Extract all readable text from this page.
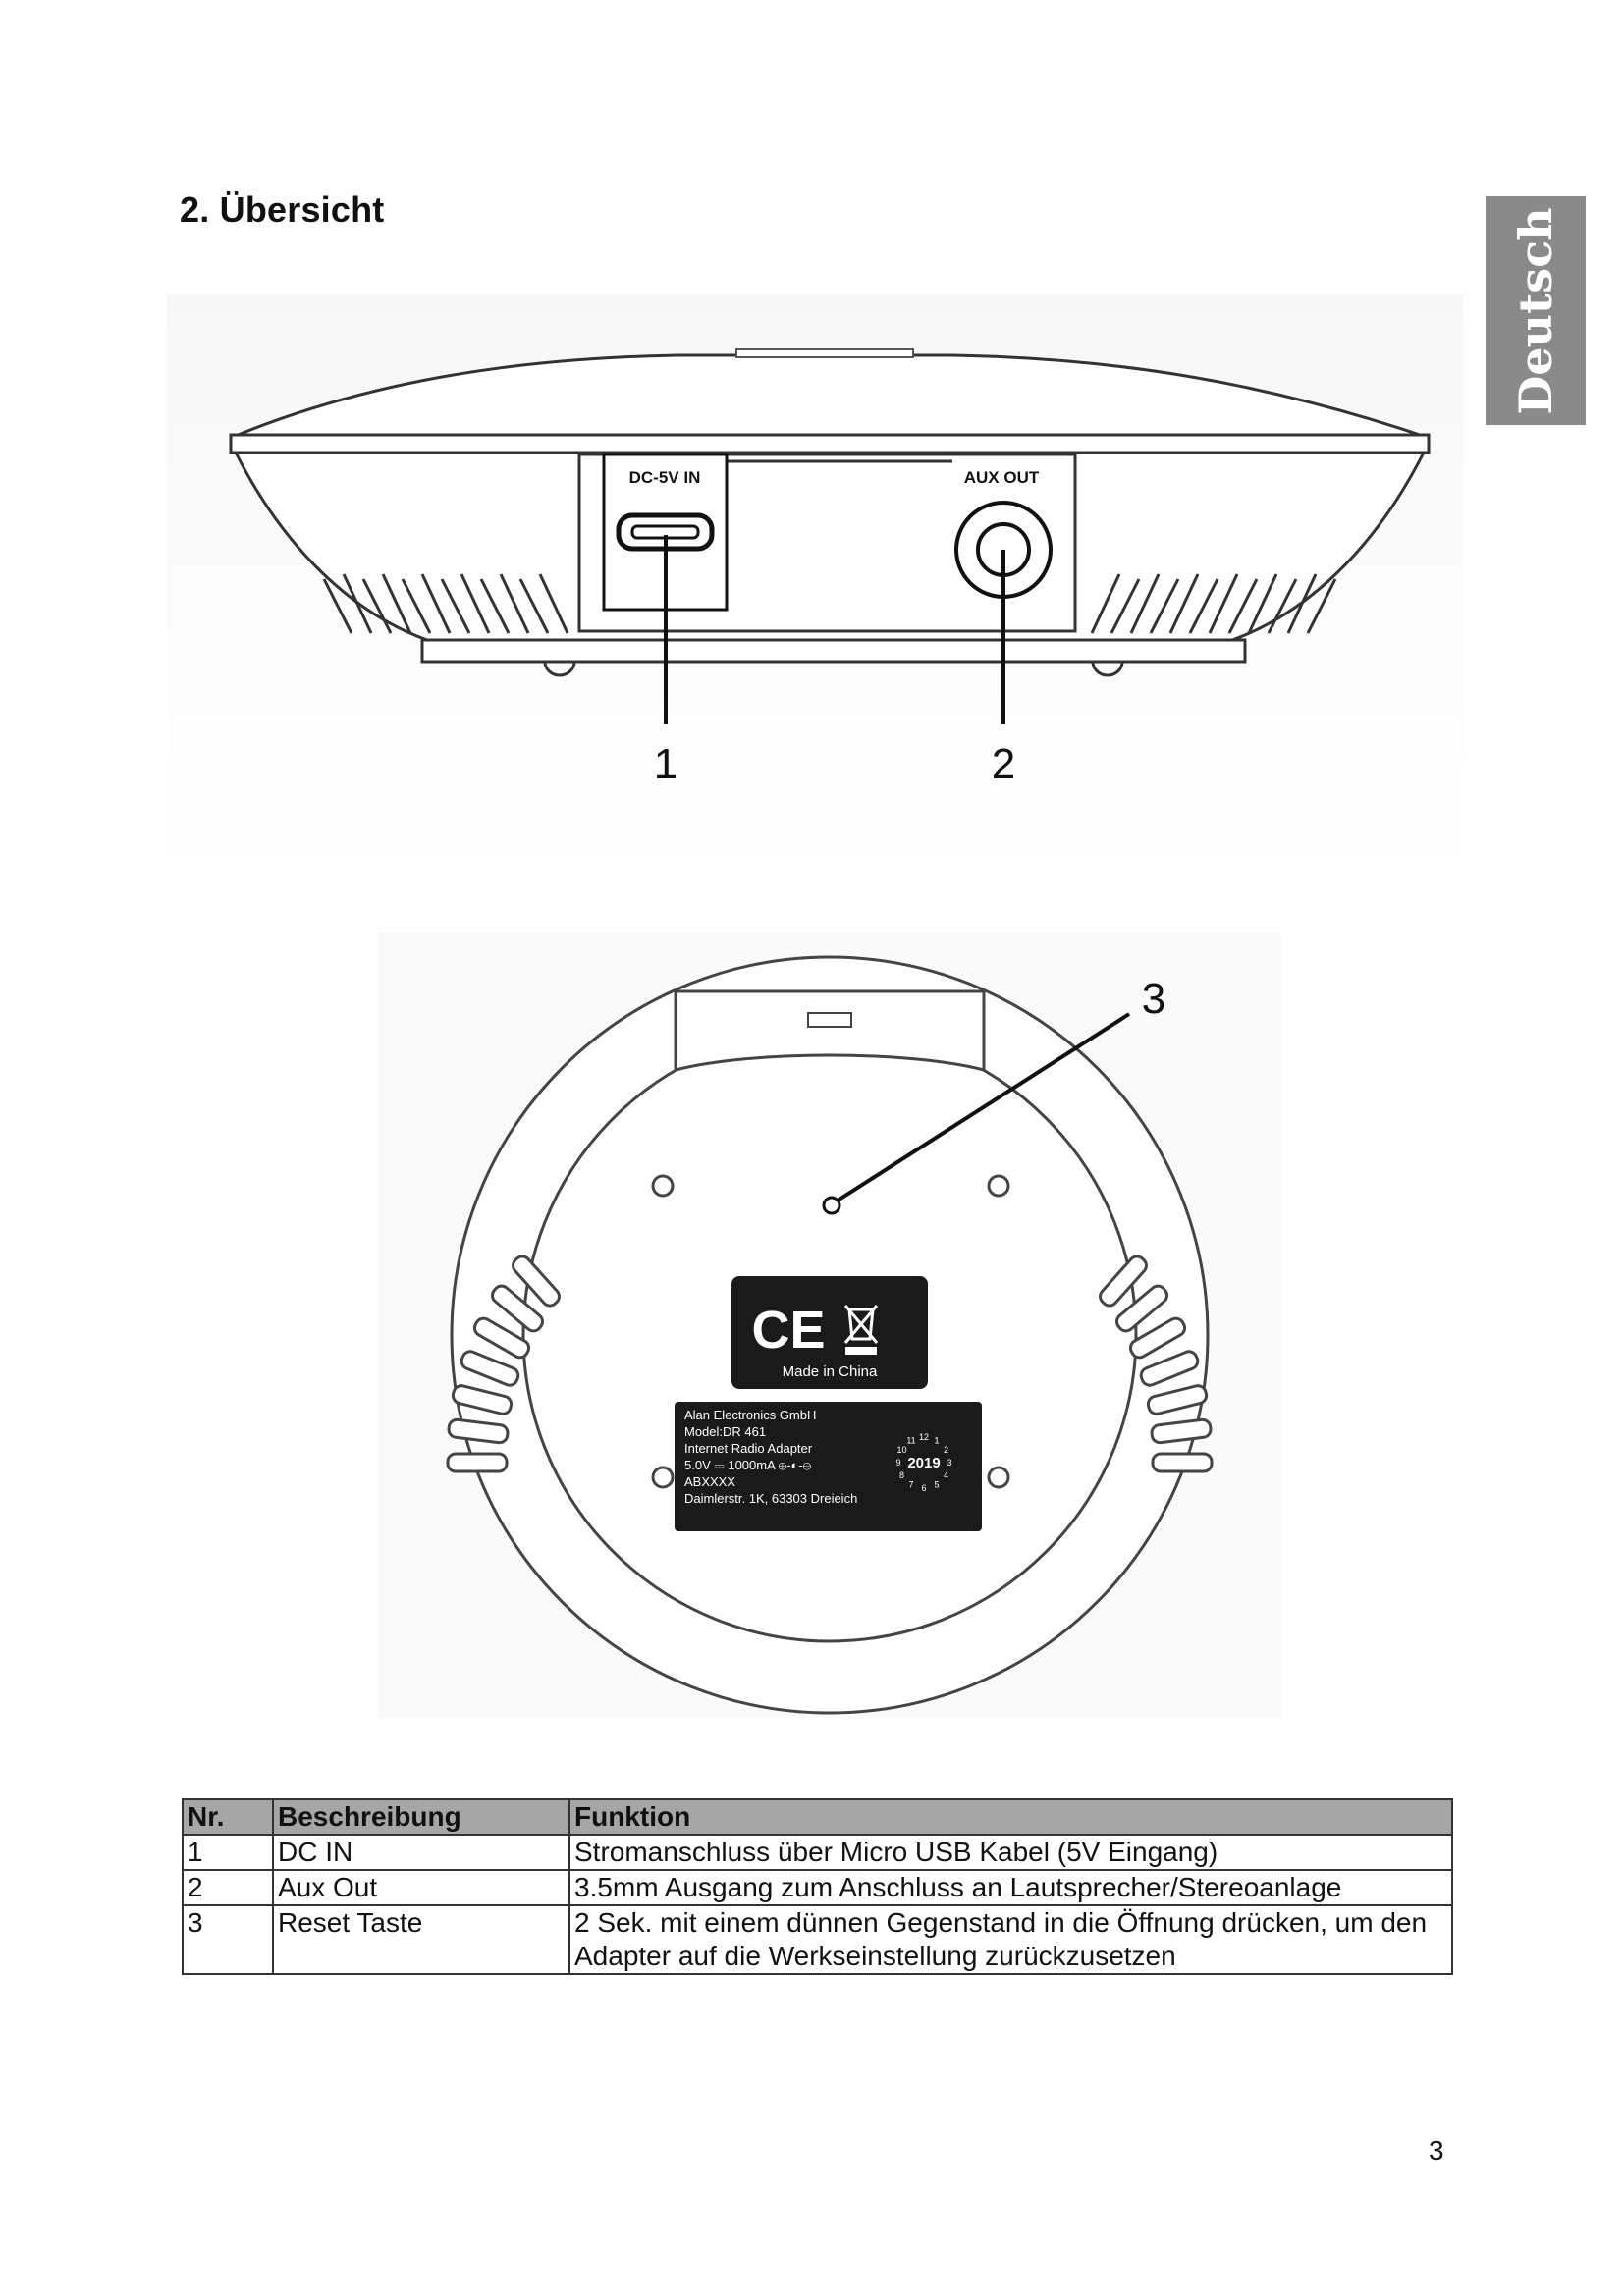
2. Übersicht	Deutsch
DC-5V IN	AUX OUT
1	2
3
CE
Made in China
Alan Electronics GmbH
Model:DR 461
Internet Radio Adapter
5.0V ⎓ 1000mA ⊕-◐-⊖
ABXXXX
Daimlerstr. 1K, 63303 Dreieich
2019
11 12 1
2
3
4
5
6
7
8
9
10
Nr.	Beschreibung	Funktion
1	DC IN	Stromanschluss über Micro USB Kabel (5V Eingang)
2	Aux Out	3.5mm Ausgang zum Anschluss an Lautsprecher/Stereoanlage
3	Reset Taste	2 Sek. mit einem dünnen Gegenstand in die Öffnung drücken, um den Adapter auf die Werkseinstellung zurückzusetzen
3
